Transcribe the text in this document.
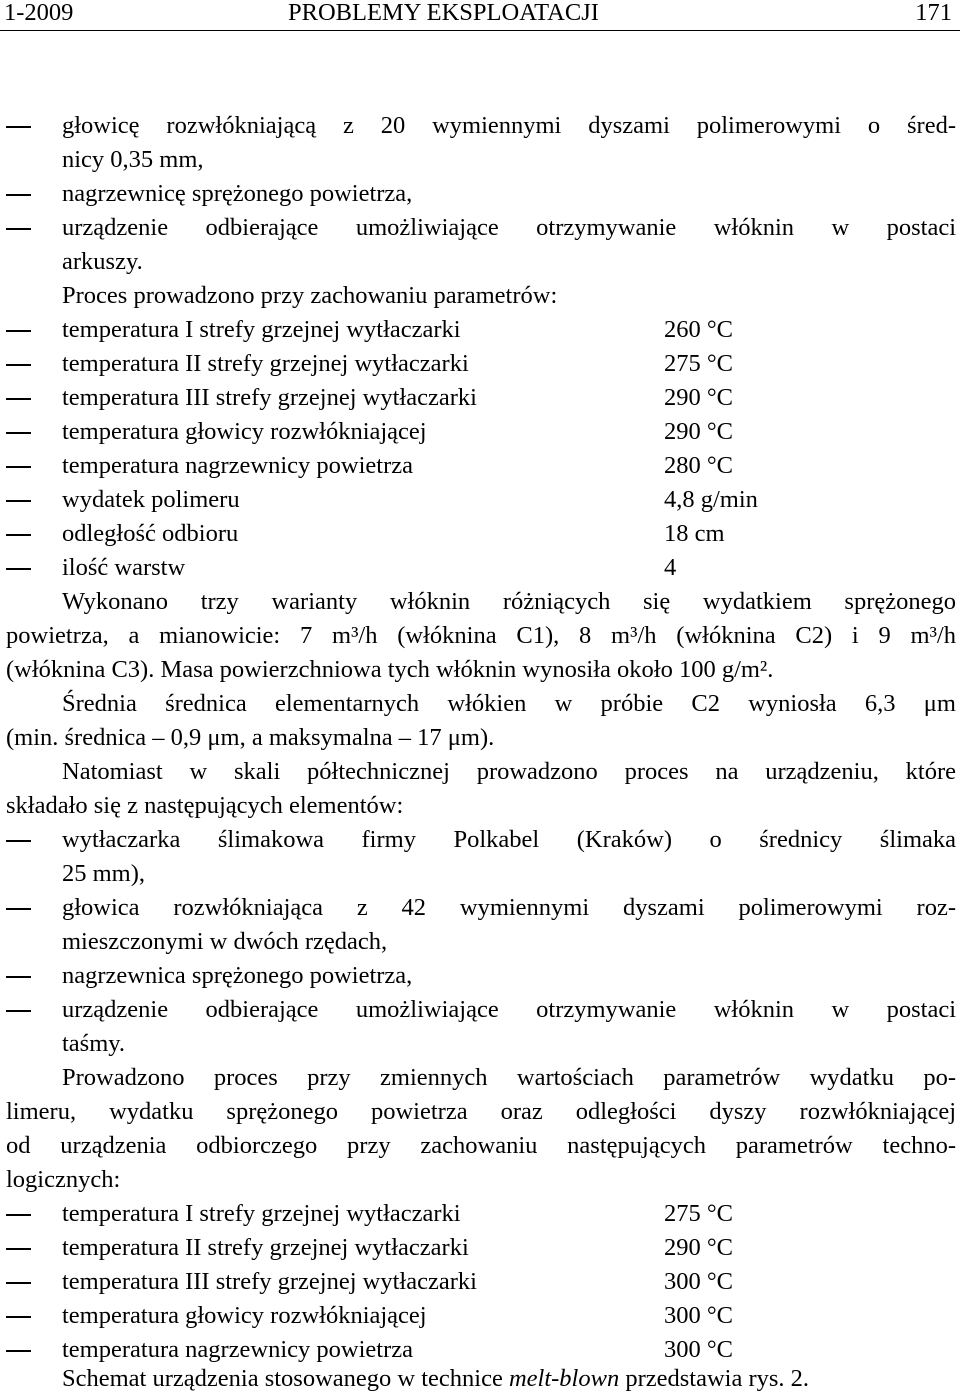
1-2009	PROBLEMY EKSPLOATACJI	171
głowicę rozwłókniającą z 20 wymiennymi dyszami polimerowymi o śred-
nicy 0,35 mm,
nagrzewnicę sprężonego powietrza,
urządzenie odbierające umożliwiające otrzymywanie włóknin w postaci
arkuszy.
Proces prowadzono przy zachowaniu parametrów:
temperatura I strefy grzejnej wytłaczarki	260 °C
temperatura II strefy grzejnej wytłaczarki	275 °C
temperatura III strefy grzejnej wytłaczarki	290 °C
temperatura głowicy rozwłókniającej	290 °C
temperatura nagrzewnicy powietrza	280 °C
wydatek polimeru	4,8 g/min
odległość odbioru	18 cm
ilość warstw	4
Wykonano trzy warianty włóknin różniących się wydatkiem sprężonego
powietrza, a mianowicie: 7 m³/h (włóknina C1), 8 m³/h (włóknina C2) i 9 m³/h
(włóknina C3). Masa powierzchniowa tych włóknin wynosiła około 100 g/m².
Średnia średnica elementarnych włókien w próbie C2 wyniosła 6,3 μm
(min. średnica – 0,9 μm, a maksymalna – 17 μm).
Natomiast w skali półtechnicznej prowadzono proces na urządzeniu, które
składało się z następujących elementów:
wytłaczarka ślimakowa firmy Polkabel (Kraków) o średnicy ślimaka
25 mm),
głowica rozwłókniająca z 42 wymiennymi dyszami polimerowymi roz-
mieszczonymi w dwóch rzędach,
nagrzewnica sprężonego powietrza,
urządzenie odbierające umożliwiające otrzymywanie włóknin w postaci
taśmy.
Prowadzono proces przy zmiennych wartościach parametrów wydatku po-
limeru, wydatku sprężonego powietrza oraz odległości dyszy rozwłókniającej
od urządzenia odbiorczego przy zachowaniu następujących parametrów techno-
logicznych:
temperatura I strefy grzejnej wytłaczarki	275 °C
temperatura II strefy grzejnej wytłaczarki	290 °C
temperatura III strefy grzejnej wytłaczarki	300 °C
temperatura głowicy rozwłókniającej	300 °C
temperatura nagrzewnicy powietrza	300 °C
Schemat urządzenia stosowanego w technice melt-blown przedstawia rys. 2.
